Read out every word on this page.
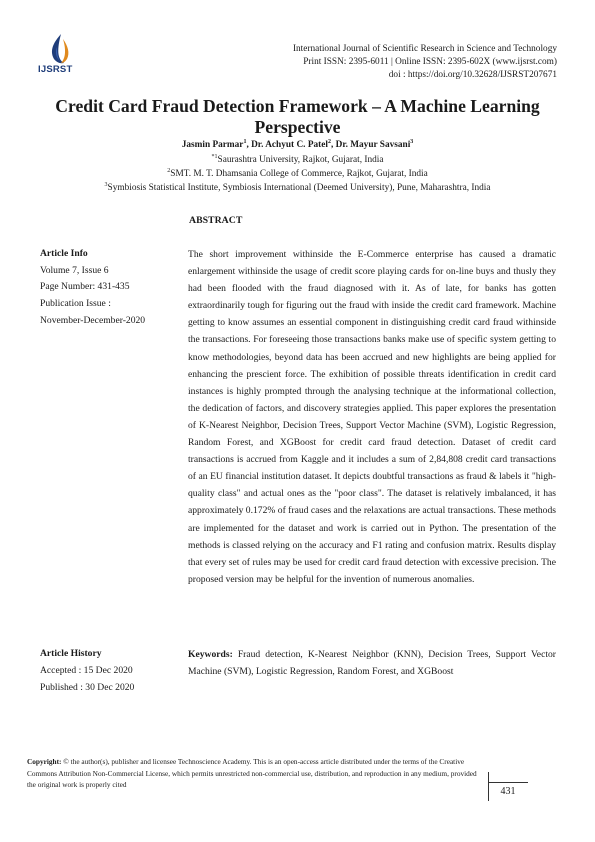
IJSRST
International Journal of Scientific Research in Science and Technology
Print ISSN: 2395-6011 | Online ISSN: 2395-602X (www.ijsrst.com)
doi : https://doi.org/10.32628/IJSRST207671
Credit Card Fraud Detection Framework – A Machine Learning Perspective
Jasmin Parmar$^1$, Dr. Achyut C. Patel$^2$, Dr. Mayur Savsani$^3$
$^{*1}$Saurashtra University, Rajkot, Gujarat, India
$^2$SMT. M. T. Dhamsania College of Commerce, Rajkot, Gujarat, India
$^3$Symbiosis Statistical Institute, Symbiosis International (Deemed University), Pune, Maharashtra, India
ABSTRACT
Article Info
Volume 7, Issue 6
Page Number: 431-435
Publication Issue :
November-December-2020
Article History
Accepted : 15 Dec 2020
Published : 30 Dec 2020
The short improvement withinside the E-Commerce enterprise has caused a dramatic enlargement withinside the usage of credit score playing cards for on-line buys and thusly they had been flooded with the fraud diagnosed with it. As of late, for banks has gotten extraordinarily tough for figuring out the fraud with inside the credit card framework. Machine getting to know assumes an essential component in distinguishing credit card fraud withinside the transactions. For foreseeing those transactions banks make use of specific system getting to know methodologies, beyond data has been accrued and new highlights are being applied for enhancing the prescient force. The exhibition of possible threats identification in credit card instances is highly prompted through the analysing technique at the informational collection, the dedication of factors, and discovery strategies applied. This paper explores the presentation of K-Nearest Neighbor, Decision Trees, Support Vector Machine (SVM), Logistic Regression, Random Forest, and XGBoost for credit card fraud detection. Dataset of credit card transactions is accrued from Kaggle and it includes a sum of 2,84,808 credit card transactions of an EU financial institution dataset. It depicts doubtful transactions as fraud & labels it "high-quality class" and actual ones as the "poor class". The dataset is relatively imbalanced, it has approximately 0.172% of fraud cases and the relaxations are actual transactions. These methods are implemented for the dataset and work is carried out in Python. The presentation of the methods is classed relying on the accuracy and F1 rating and confusion matrix. Results display that every set of rules may be used for credit card fraud detection with excessive precision. The proposed version may be helpful for the invention of numerous anomalies.
Keywords: Fraud detection, K-Nearest Neighbor (KNN), Decision Trees, Support Vector Machine (SVM), Logistic Regression, Random Forest, and XGBoost
Copyright: © the author(s), publisher and licensee Technoscience Academy. This is an open-access article distributed under the terms of the Creative Commons Attribution Non-Commercial License, which permits unrestricted non-commercial use, distribution, and reproduction in any medium, provided the original work is properly cited
431
